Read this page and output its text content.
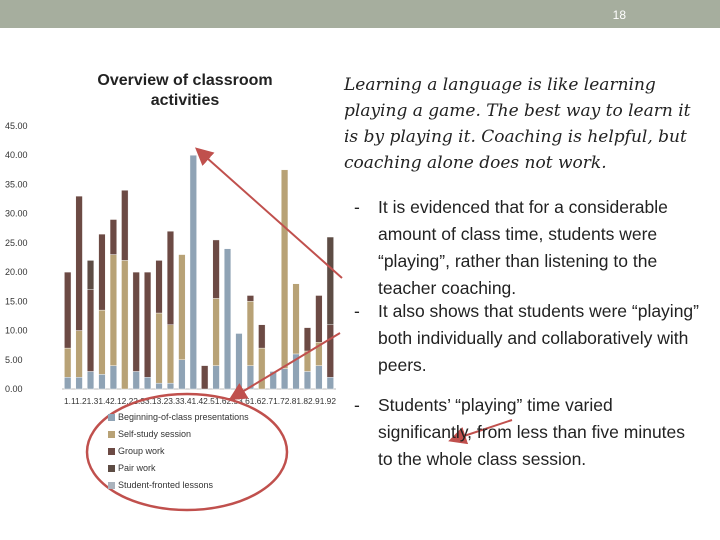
18
Overview of classroom activities
0.00
5.00
10.00
15.00
20.00
25.00
30.00
35.00
40.00
45.00
1.11.21.31.42.12.22.33.13.23.33.41.42.51.62.53.61.62.71.72.81.82.91.92
Beginning-of-class presentations
Self-study session
Group work
Pair work
Student-fronted lessons
Learning a language is like learning playing a game. The best way to learn it is by playing it. Coaching is helpful, but coaching alone does not work.
- It is evidenced that for a considerable amount of class time, students were “playing”, rather than listening to the teacher coaching.
- It also shows that students were “playing” both individually and collaboratively with peers.
- Students’ “playing” time varied significantly, from less than five minutes to the whole class session.
